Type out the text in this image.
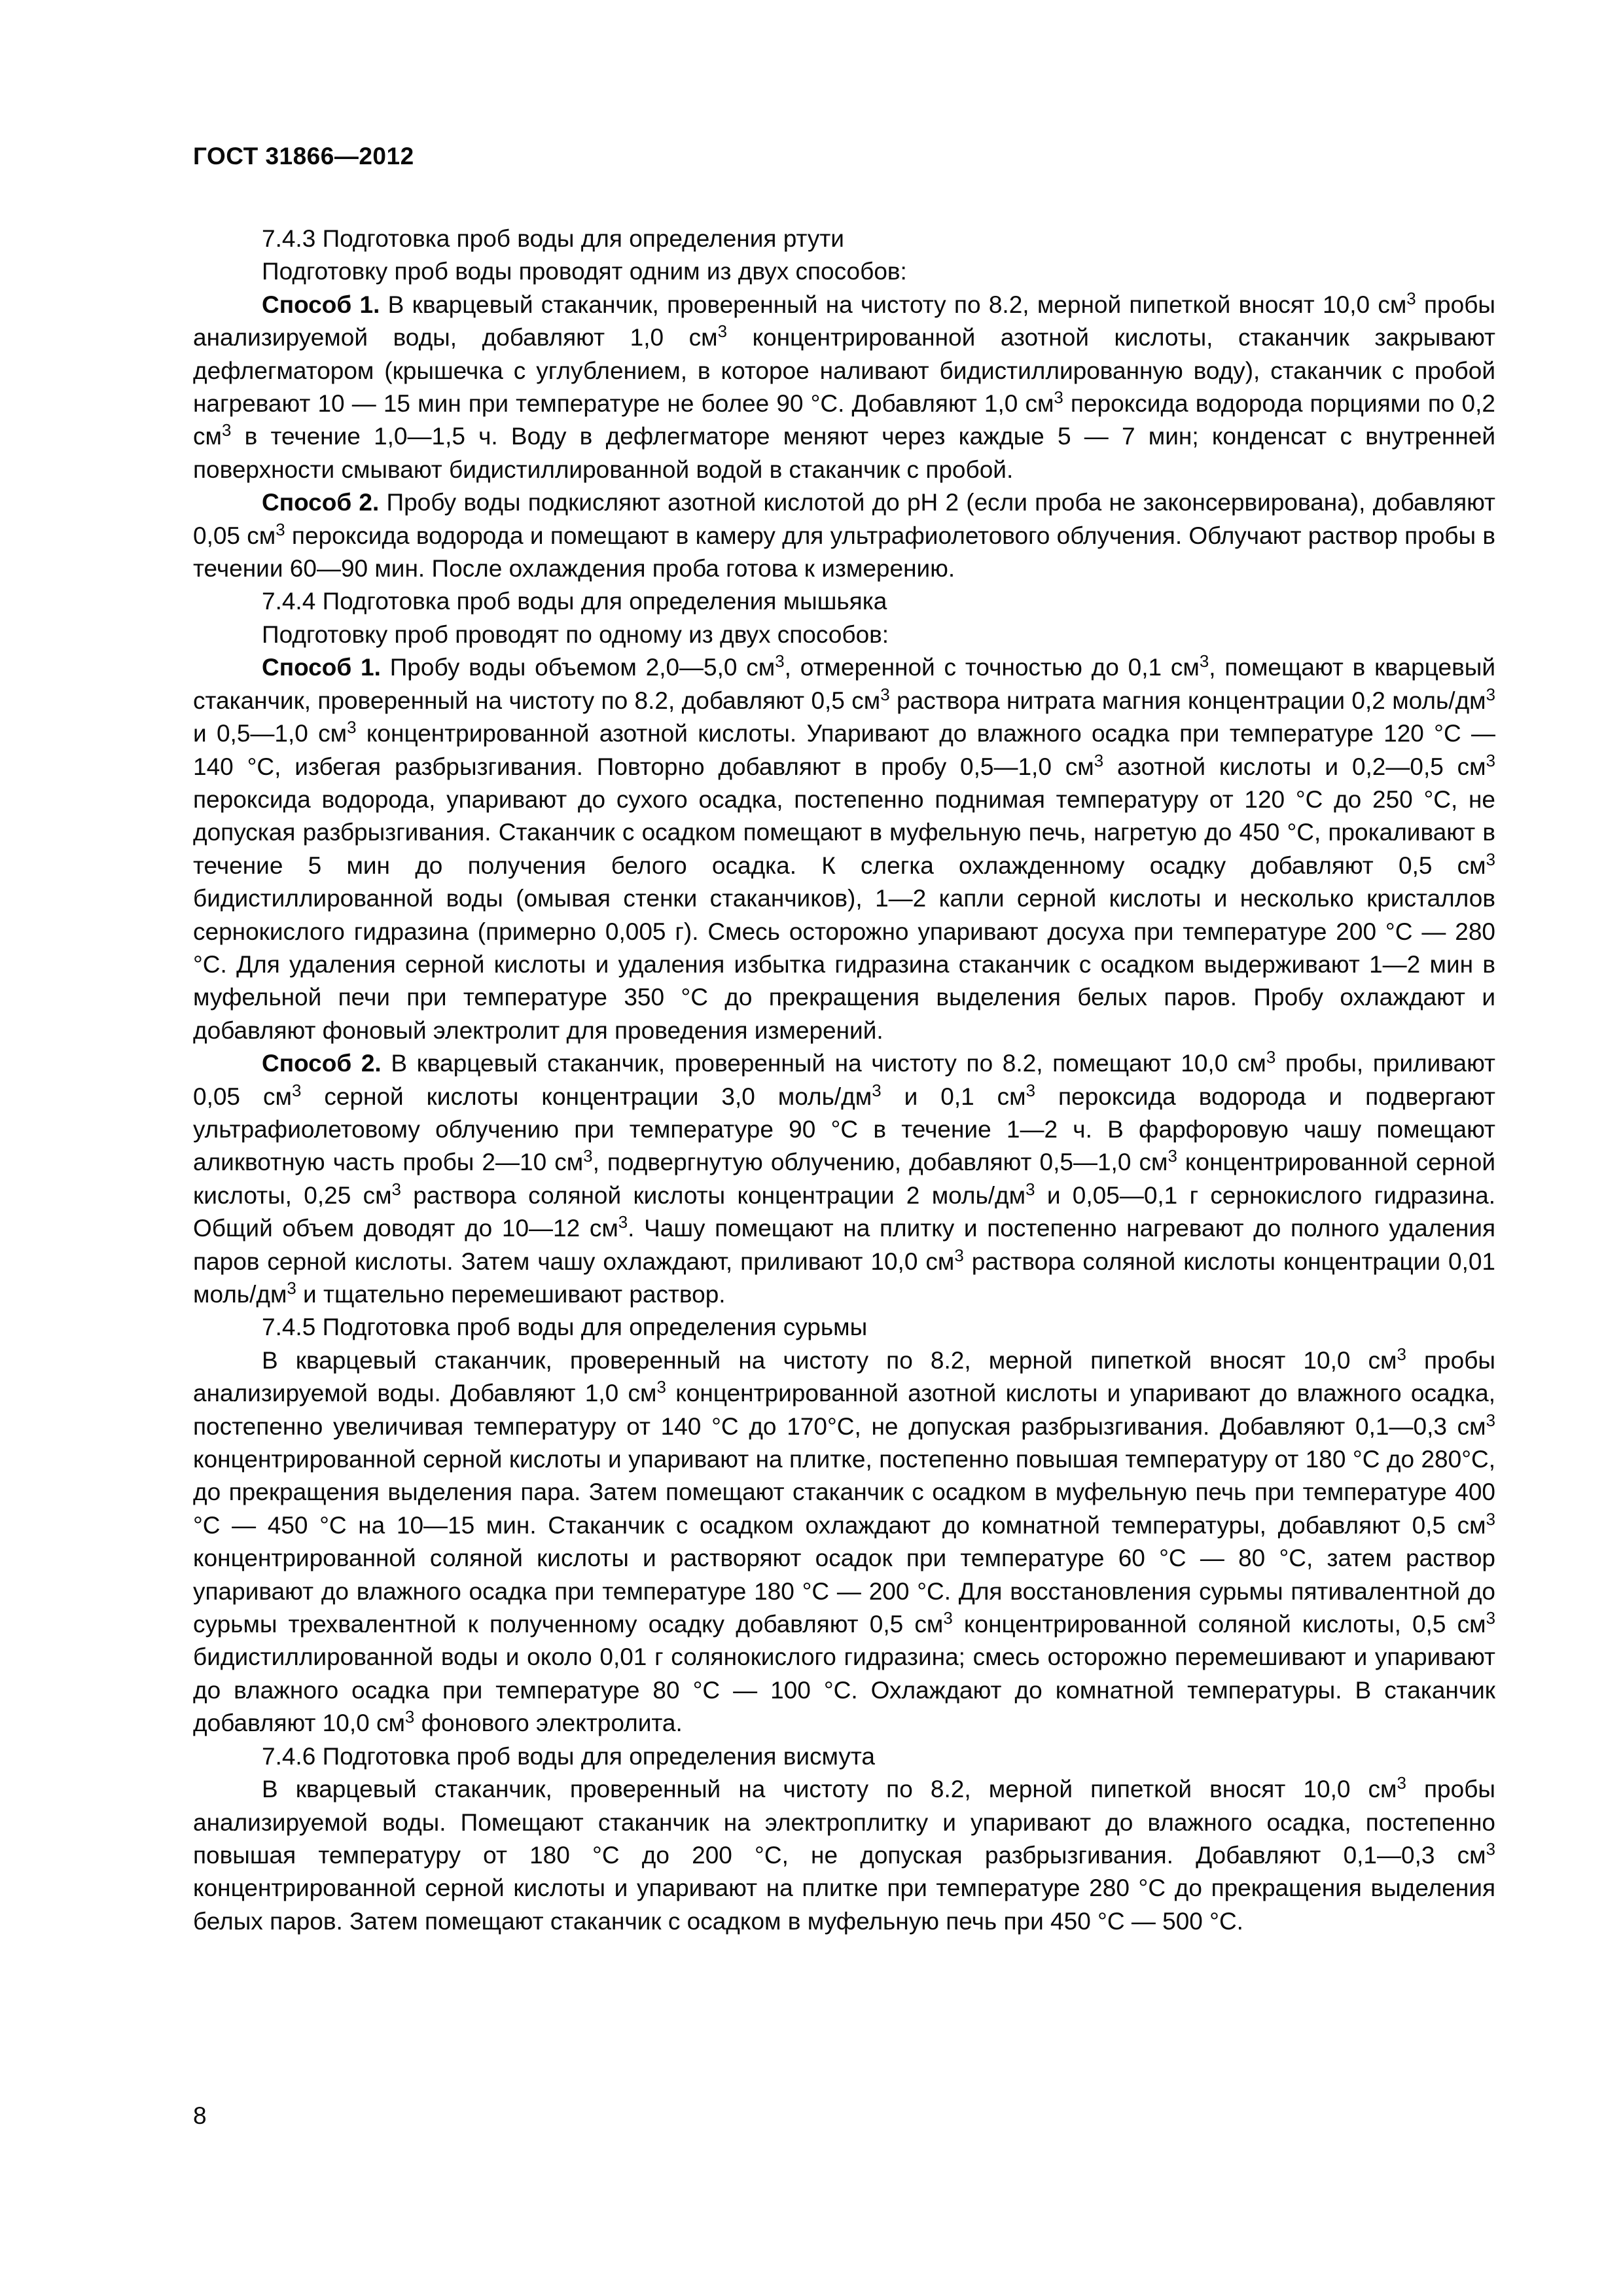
ГОСТ 31866—2012

7.4.3 Подготовка проб воды для определения ртути

Подготовку проб воды проводят одним из двух способов:

Способ 1. В кварцевый стаканчик, проверенный на чистоту по 8.2, мерной пипеткой вносят 10,0 $см^3$ пробы анализируемой воды, добавляют 1,0 $см^3$ концентрированной азотной кислоты, стаканчик закрывают дефлегматором (крышечка с углублением, в которое наливают бидистиллированную воду), стаканчик с пробой нагревают 10 — 15 мин при температуре не более 90 °С. Добавляют 1,0 $см^3$ пероксида водорода порциями по 0,2 $см^3$ в течение 1,0—1,5 ч. Воду в дефлегматоре меняют через каждые 5 — 7 мин; конденсат с внутренней поверхности смывают бидистиллированной водой в стаканчик с пробой.

Способ 2. Пробу воды подкисляют азотной кислотой до рН 2 (если проба не законсервирована), добавляют 0,05 $см^3$ пероксида водорода и помещают в камеру для ультрафиолетового облучения. Облучают раствор пробы в течении 60—90 мин. После охлаждения проба готова к измерению.

7.4.4 Подготовка проб воды для определения мышьяка

Подготовку проб проводят по одному из двух способов:

Способ 1. Пробу воды объемом 2,0—5,0 $см^3$, отмеренной с точностью до 0,1 $см^3$, помещают в кварцевый стаканчик, проверенный на чистоту по 8.2, добавляют 0,5 $см^3$ раствора нитрата магния концентрации 0,2 моль/$дм^3$ и 0,5—1,0 $см^3$ концентрированной азотной кислоты. Упаривают до влажного осадка при температуре 120 °С — 140 °С, избегая разбрызгивания. Повторно добавляют в пробу 0,5—1,0 $см^3$ азотной кислоты и 0,2—0,5 $см^3$ пероксида водорода, упаривают до сухого осадка, постепенно поднимая температуру от 120 °С до 250 °С, не допуская разбрызгивания. Стаканчик с осадком помещают в муфельную печь, нагретую до 450 °С, прокаливают в течение 5 мин до получения белого осадка. К слегка охлажденному осадку добавляют 0,5 $см^3$ бидистиллированной воды (омывая стенки стаканчиков), 1—2 капли серной кислоты и несколько кристаллов сернокислого гидразина (примерно 0,005 г). Смесь осторожно упаривают досуха при температуре 200 °С — 280 °С. Для удаления серной кислоты и удаления избытка гидразина стаканчик с осадком выдерживают 1—2 мин в муфельной печи при температуре 350 °С до прекращения выделения белых паров. Пробу охлаждают и добавляют фоновый электролит для проведения измерений.

Способ 2. В кварцевый стаканчик, проверенный на чистоту по 8.2, помещают 10,0 $см^3$ пробы, приливают 0,05 $см^3$ серной кислоты концентрации 3,0 моль/$дм^3$ и 0,1 $см^3$ пероксида водорода и подвергают ультрафиолетовому облучению при температуре 90 °С в течение 1—2 ч. В фарфоровую чашу помещают аликвотную часть пробы 2—10 $см^3$, подвергнутую облучению, добавляют 0,5—1,0 $см^3$ концентрированной серной кислоты, 0,25 $см^3$ раствора соляной кислоты концентрации 2 моль/$дм^3$ и 0,05—0,1 г сернокислого гидразина. Общий объем доводят до 10—12 $см^3$. Чашу помещают на плитку и постепенно нагревают до полного удаления паров серной кислоты. Затем чашу охлаждают, приливают 10,0 $см^3$ раствора соляной кислоты концентрации 0,01 моль/$дм^3$ и тщательно перемешивают раствор.

7.4.5 Подготовка проб воды для определения сурьмы

В кварцевый стаканчик, проверенный на чистоту по 8.2, мерной пипеткой вносят 10,0 $см^3$ пробы анализируемой воды. Добавляют 1,0 $см^3$ концентрированной азотной кислоты и упаривают до влажного осадка, постепенно увеличивая температуру от 140 °С до 170°С, не допуская разбрызгивания. Добавляют 0,1—0,3 $см^3$ концентрированной серной кислоты и упаривают на плитке, постепенно повышая температуру от 180 °С до 280°С, до прекращения выделения пара. Затем помещают стаканчик с осадком в муфельную печь при температуре 400 °С — 450 °С на 10—15 мин. Стаканчик с осадком охлаждают до комнатной температуры, добавляют 0,5 $см^3$ концентрированной соляной кислоты и растворяют осадок при температуре 60 °С — 80 °С, затем раствор упаривают до влажного осадка при температуре 180 °С — 200 °С. Для восстановления сурьмы пятивалентной до сурьмы трехвалентной к полученному осадку добавляют 0,5 $см^3$ концентрированной соляной кислоты, 0,5 $см^3$ бидистиллированной воды и около 0,01 г солянокислого гидразина; смесь осторожно перемешивают и упаривают до влажного осадка при температуре 80 °С — 100 °С. Охлаждают до комнатной температуры. В стаканчик добавляют 10,0 $см^3$ фонового электролита.

7.4.6 Подготовка проб воды для определения висмута

В кварцевый стаканчик, проверенный на чистоту по 8.2, мерной пипеткой вносят 10,0 $см^3$ пробы анализируемой воды. Помещают стаканчик на электроплитку и упаривают до влажного осадка, постепенно повышая температуру от 180 °С до 200 °С, не допуская разбрызгивания. Добавляют 0,1—0,3 $см^3$ концентрированной серной кислоты и упаривают на плитке при температуре 280 °С до прекращения выделения белых паров. Затем помещают стаканчик с осадком в муфельную печь при 450 °С — 500 °С.

8
